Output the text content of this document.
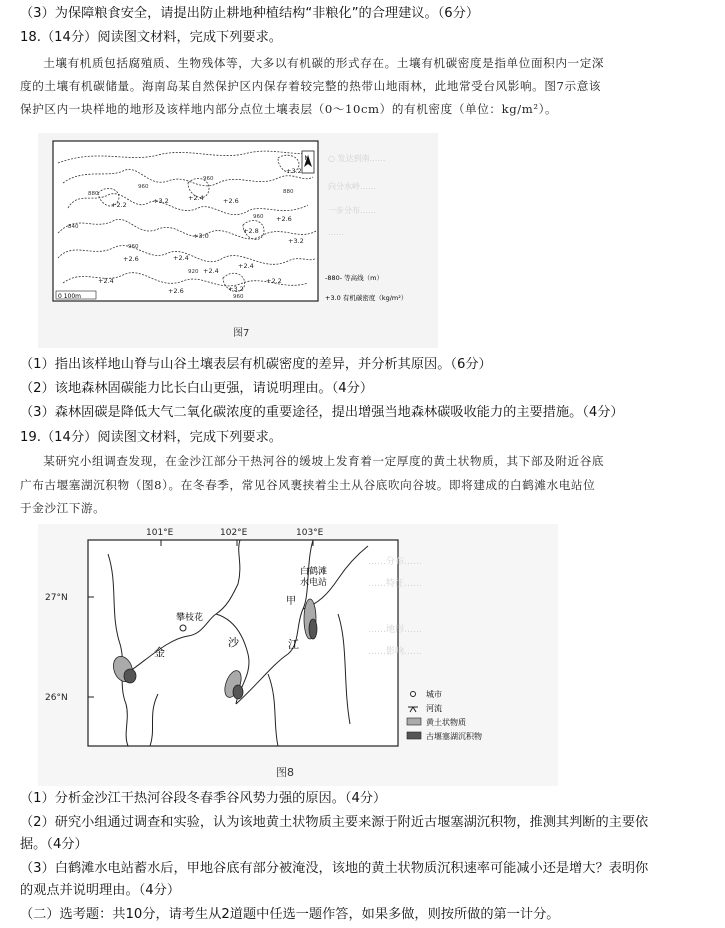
（3）为保障粮食安全，请提出防止耕地种植结构“非粮化”的合理建议。（6分）
18.（14分）阅读图文材料，完成下列要求。
土壤有机质包括腐殖质、生物残体等，大多以有机碳的形式存在。土壤有机碳密度是指单位面积内一定深
度的土壤有机碳储量。海南岛某自然保护区内保存着较完整的热带山地雨林，此地常受台风影响。图7示意该
保护区内一块样地的地形及该样地内部分点位土壤表层（0～10cm）的有机密度（单位：kg/m²）。
+3.2
+2.4
+3.2
+2.2	+2.6
+2.6
+2.8
+3.0
+3.2
+2.4
+3.2
+2.6
+2.4
+2.6
+2.4	+2.2
+2.4
960
960
880
840
960
960
920
880
960
N
0 100m
-880- 等高线（m）
+3.0 有机碳密度（kg/m²）
图7
○ 发达到南……
向分水岭……
一步分布……
……
（1）指出该样地山脊与山谷土壤表层有机碳密度的差异，并分析其原因。（6分）
（2）该地森林固碳能力比长白山更强，请说明理由。（4分）
（3）森林固碳是降低大气二氧化碳浓度的重要途径，提出增强当地森林碳吸收能力的主要措施。（4分）
19.（14分）阅读图文材料，完成下列要求。
某研究小组调查发现，在金沙江部分干热河谷的缓坡上发育着一定厚度的黄土状物质，其下部及附近谷底
广布古堰塞湖沉积物（图8）。在冬春季，常见谷风裹挟着尘土从谷底吹向谷坡。即将建成的白鹤滩水电站位
于金沙江下游。
101°E	102°E	103°E
27°N
26°N
攀枝花
白鹤滩
水电站
甲
金
沙	江
城市
河流
黄土状物质
古堰塞湖沉积物
图8
……分布……
……特征……
……地形……
……影响……
（1）分析金沙江干热河谷段冬春季谷风势力强的原因。（4分）
（2）研究小组通过调查和实验，认为该地黄土状物质主要来源于附近古堰塞湖沉积物，推测其判断的主要依
据。（4分）
（3）白鹤滩水电站蓄水后，甲地谷底有部分被淹没，该地的黄土状物质沉积速率可能减小还是增大？表明你
的观点并说明理由。（4分）
（二）选考题：共10分，请考生从2道题中任选一题作答，如果多做，则按所做的第一计分。
